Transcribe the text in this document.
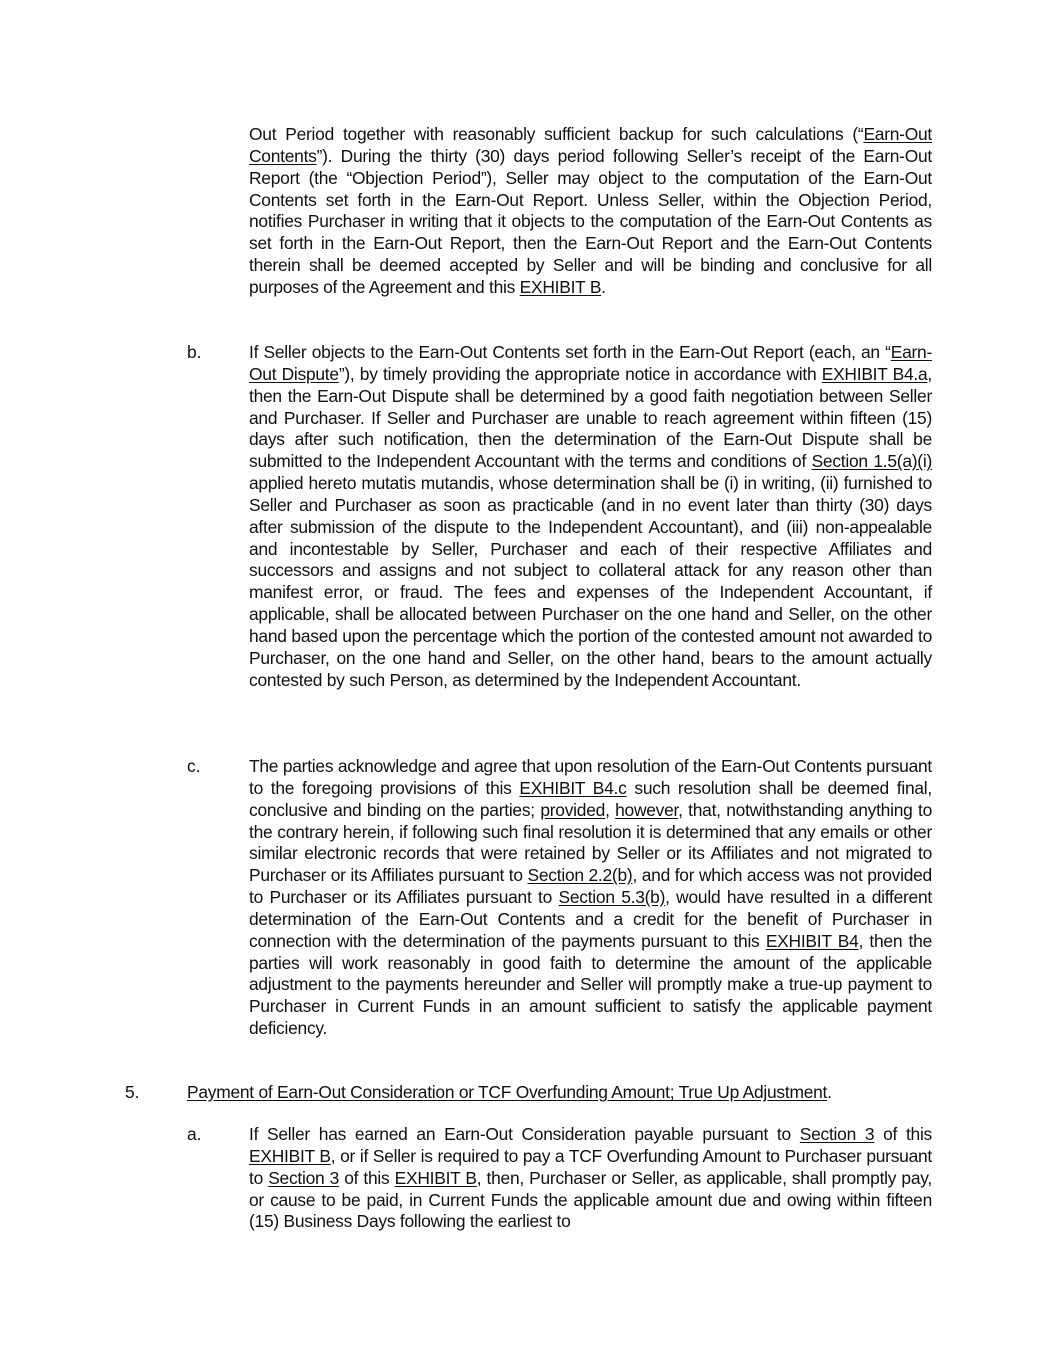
Out Period together with reasonably sufficient backup for such calculations (“Earn-Out Contents”). During the thirty (30) days period following Seller’s receipt of the Earn-Out Report (the “Objection Period”), Seller may object to the computation of the Earn-Out Contents set forth in the Earn-Out Report. Unless Seller, within the Objection Period, notifies Purchaser in writing that it objects to the computation of the Earn-Out Contents as set forth in the Earn-Out Report, then the Earn-Out Report and the Earn-Out Contents therein shall be deemed accepted by Seller and will be binding and conclusive for all purposes of the Agreement and this EXHIBIT B.
b.	If Seller objects to the Earn-Out Contents set forth in the Earn-Out Report (each, an “Earn-Out Dispute”), by timely providing the appropriate notice in accordance with EXHIBIT B4.a, then the Earn-Out Dispute shall be determined by a good faith negotiation between Seller and Purchaser. If Seller and Purchaser are unable to reach agreement within fifteen (15) days after such notification, then the determination of the Earn-Out Dispute shall be submitted to the Independent Accountant with the terms and conditions of Section 1.5(a)(i) applied hereto mutatis mutandis, whose determination shall be (i) in writing, (ii) furnished to Seller and Purchaser as soon as practicable (and in no event later than thirty (30) days after submission of the dispute to the Independent Accountant), and (iii) non-appealable and incontestable by Seller, Purchaser and each of their respective Affiliates and successors and assigns and not subject to collateral attack for any reason other than manifest error, or fraud. The fees and expenses of the Independent Accountant, if applicable, shall be allocated between Purchaser on the one hand and Seller, on the other hand based upon the percentage which the portion of the contested amount not awarded to Purchaser, on the one hand and Seller, on the other hand, bears to the amount actually contested by such Person, as determined by the Independent Accountant.
c.	The parties acknowledge and agree that upon resolution of the Earn-Out Contents pursuant to the foregoing provisions of this EXHIBIT B4.c such resolution shall be deemed final, conclusive and binding on the parties; provided, however, that, notwithstanding anything to the contrary herein, if following such final resolution it is determined that any emails or other similar electronic records that were retained by Seller or its Affiliates and not migrated to Purchaser or its Affiliates pursuant to Section 2.2(b), and for which access was not provided to Purchaser or its Affiliates pursuant to Section 5.3(b), would have resulted in a different determination of the Earn-Out Contents and a credit for the benefit of Purchaser in connection with the determination of the payments pursuant to this EXHIBIT B4, then the parties will work reasonably in good faith to determine the amount of the applicable adjustment to the payments hereunder and Seller will promptly make a true-up payment to Purchaser in Current Funds in an amount sufficient to satisfy the applicable payment deficiency.
5.	Payment of Earn-Out Consideration or TCF Overfunding Amount; True Up Adjustment.
a.	If Seller has earned an Earn-Out Consideration payable pursuant to Section 3 of this EXHIBIT B, or if Seller is required to pay a TCF Overfunding Amount to Purchaser pursuant to Section 3 of this EXHIBIT B, then, Purchaser or Seller, as applicable, shall promptly pay, or cause to be paid, in Current Funds the applicable amount due and owing within fifteen (15) Business Days following the earliest to
